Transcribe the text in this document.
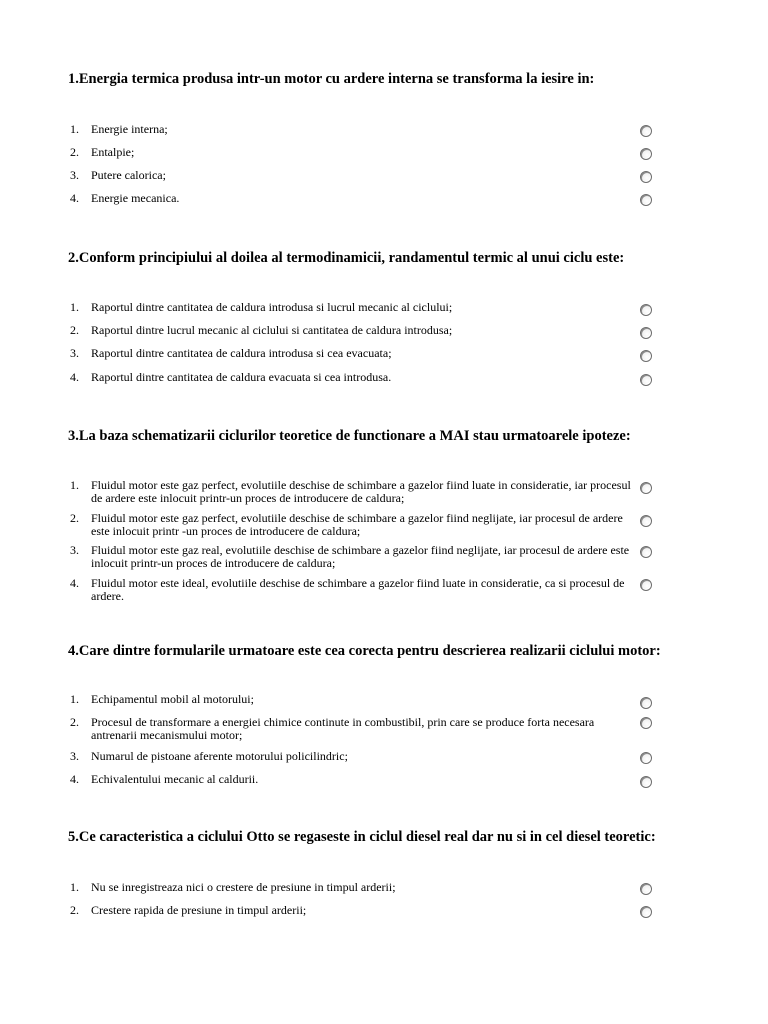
1.Energia termica produsa intr-un motor cu ardere interna se transforma la iesire in:
1.	Energie interna;
2.	Entalpie;
3.	Putere calorica;
4.	Energie mecanica.
2.Conform principiului al doilea al termodinamicii, randamentul termic al unui ciclu este:
1.	Raportul dintre cantitatea de caldura introdusa si lucrul mecanic al ciclului;
2.	Raportul dintre lucrul mecanic al ciclului si cantitatea de caldura introdusa;
3.	Raportul dintre cantitatea de caldura introdusa si cea evacuata;
4.	Raportul dintre cantitatea de caldura evacuata si cea introdusa.
3.La baza schematizarii ciclurilor teoretice de functionare a MAI stau urmatoarele ipoteze:
1.	Fluidul motor este gaz perfect, evolutiile deschise de schimbare a gazelor fiind luate in consideratie, iar procesul de ardere este inlocuit printr-un proces de introducere de caldura;
2.	Fluidul motor este gaz perfect, evolutiile deschise de schimbare a gazelor fiind neglijate, iar procesul de ardere este inlocuit printr -un proces de introducere de caldura;
3.	Fluidul motor este gaz real, evolutiile deschise de schimbare a gazelor fiind neglijate, iar procesul de ardere este inlocuit printr-un proces de introducere de caldura;
4.	Fluidul motor este ideal, evolutiile deschise de schimbare a gazelor fiind luate in consideratie, ca si procesul de ardere.
4.Care dintre formularile urmatoare este cea corecta pentru descrierea realizarii ciclului motor:
1.	Echipamentul mobil al motorului;
2.	Procesul de transformare a energiei chimice continute in combustibil, prin care se produce forta necesara antrenarii mecanismului motor;
3.	Numarul de pistoane aferente motorului policilindric;
4.	Echivalentului mecanic al caldurii.
5.Ce caracteristica a ciclului Otto se regaseste in ciclul diesel real dar nu si in cel diesel teoretic:
1.	Nu se inregistreaza nici o crestere de presiune in timpul arderii;
2.	Crestere rapida de presiune in timpul arderii;
